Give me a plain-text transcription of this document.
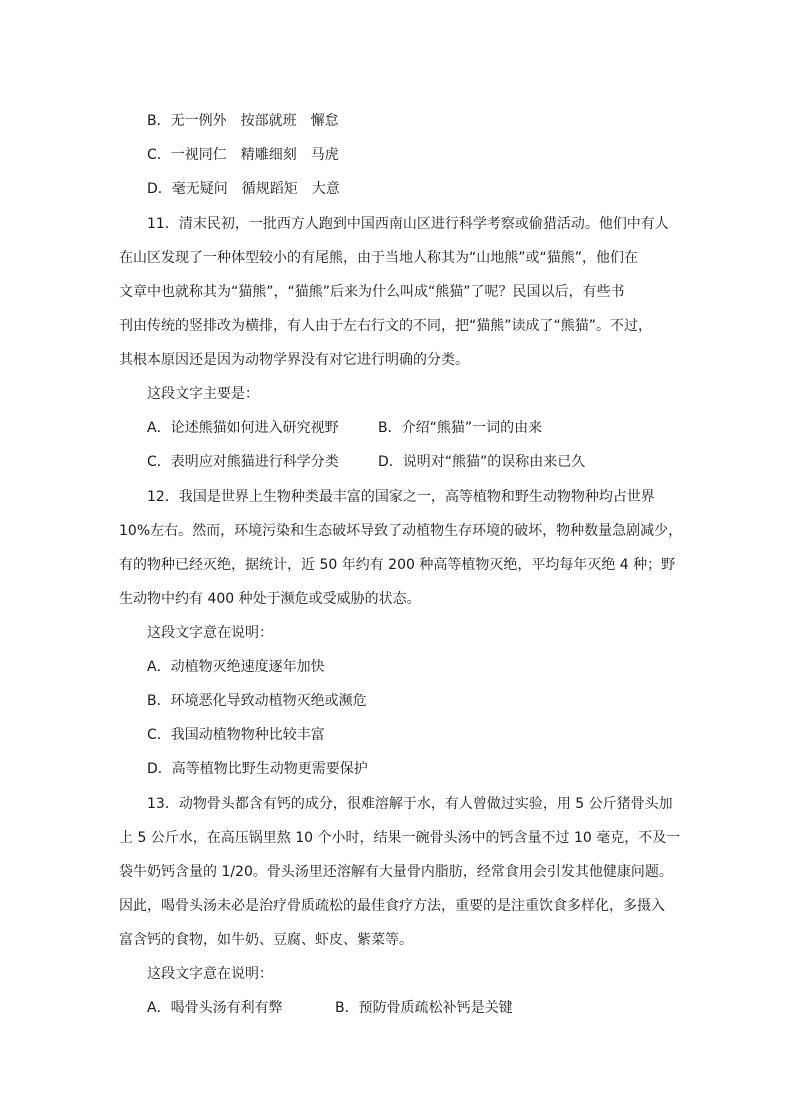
B．无一例外　按部就班　懈怠
C．一视同仁　精雕细刻　马虎
D．毫无疑问　循规蹈矩　大意
11．清末民初，一批西方人跑到中国西南山区进行科学考察或偷猎活动。他们中有人
在山区发现了一种体型较小的有尾熊，由于当地人称其为“山地熊”或“猫熊”，他们在
文章中也就称其为“猫熊”，“猫熊”后来为什么叫成“熊猫”了呢？民国以后，有些书
刊由传统的竖排改为横排，有人由于左右行文的不同，把“猫熊”读成了“熊猫”。不过，
其根本原因还是因为动物学界没有对它进行明确的分类。
这段文字主要是：
A．论述熊猫如何进入研究视野	B．介绍“熊猫”一词的由来
C．表明应对熊猫进行科学分类	D．说明对“熊猫”的误称由来已久
12．我国是世界上生物种类最丰富的国家之一，高等植物和野生动物物种均占世界
10%左右。然而，环境污染和生态破坏导致了动植物生存环境的破坏，物种数量急剧减少，
有的物种已经灭绝，据统计，近 50 年约有 200 种高等植物灭绝，平均每年灭绝 4 种；野
生动物中约有 400 种处于濒危或受威胁的状态。
这段文字意在说明：
A．动植物灭绝速度逐年加快
B．环境恶化导致动植物灭绝或濒危
C．我国动植物物种比较丰富
D．高等植物比野生动物更需要保护
13．动物骨头都含有钙的成分，很难溶解于水，有人曾做过实验，用 5 公斤猪骨头加
上 5 公斤水，在高压锅里熬 10 个小时，结果一碗骨头汤中的钙含量不过 10 毫克，不及一
袋牛奶钙含量的 1/20。骨头汤里还溶解有大量骨内脂肪，经常食用会引发其他健康问题。
因此，喝骨头汤未必是治疗骨质疏松的最佳食疗方法，重要的是注重饮食多样化，多摄入
富含钙的食物，如牛奶、豆腐、虾皮、紫菜等。
这段文字意在说明：
A．喝骨头汤有利有弊	B．预防骨质疏松补钙是关键
